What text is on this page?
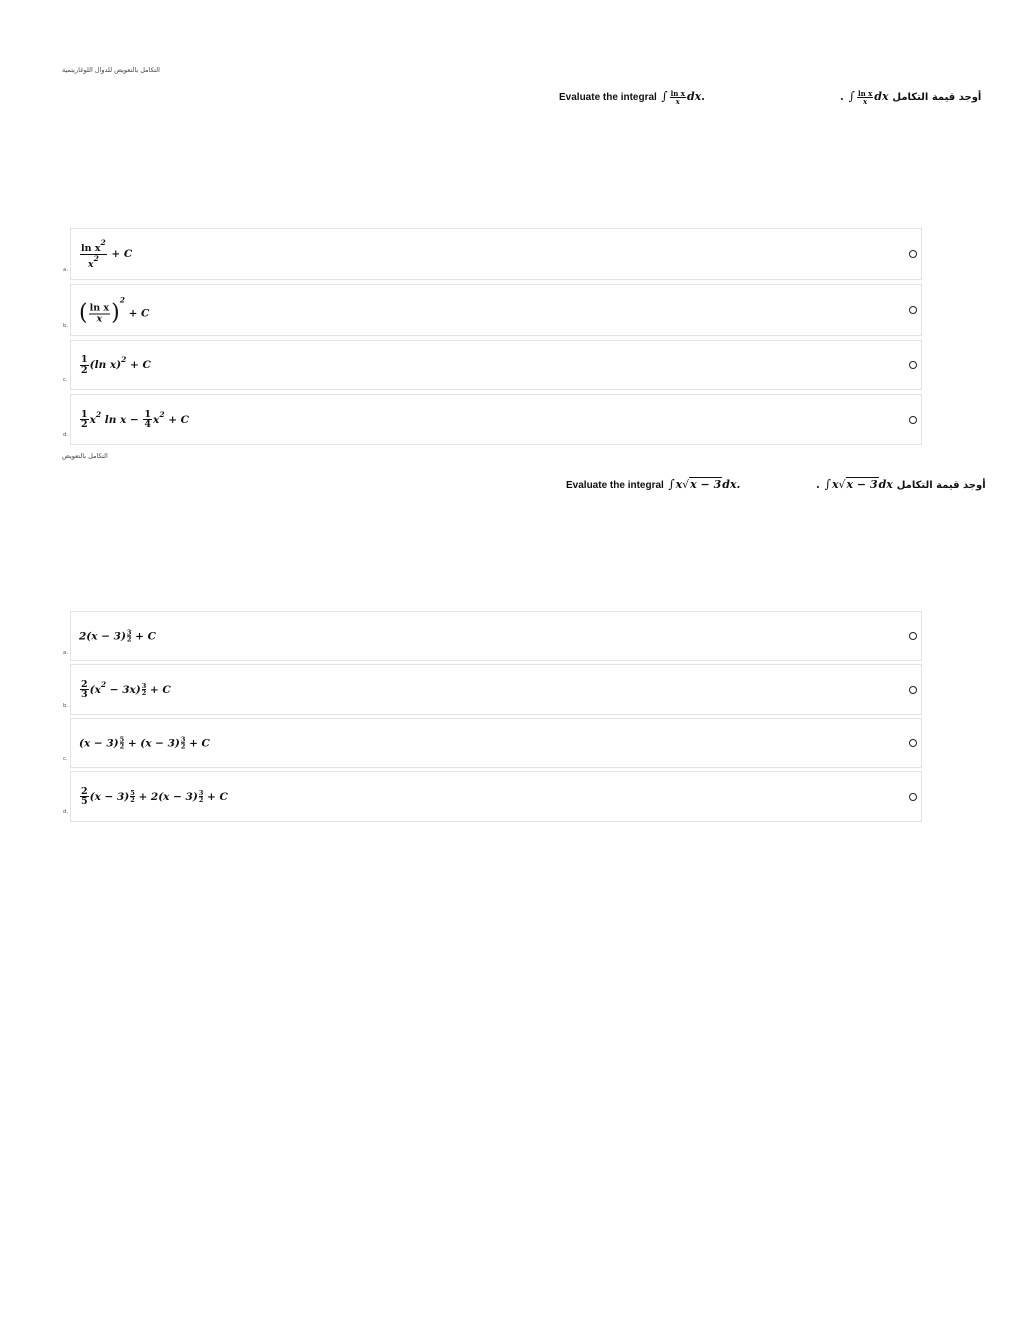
التكامل بالتعويض للدوال اللوغاريتمية
Evaluate the integral ∫ $\frac{\text{ln x}}{x}$ dx.	. ∫ $\frac{\text{ln x}}{x}$ dx أوجد قيمة التكامل
$\frac{\ln x^2}{x^2} + C$
a.
( $\frac{\text{ln x}}{x} )^2 + C$
b.
$\frac{1}{2} (\ln$ x)$^2$ + C
c.
$\frac{1}{2} x^2$ $\ln x - \frac{1}{4} x^2 + C$
d.
التكامل بالتعويض
Evaluate the integral ∫x√x − 3dx.	. ∫x√x − 3dx أوجد قيمة التكامل
$2(x - 3) \frac{3}{2} + C$
a.
$\frac{2}{3} (x^2 - 3x) \frac{3}{2} + C$
b.
$(x - 3) \frac{5}{2} + (x - 3) \frac{3}{2} + C$
c.
$\frac{2}{5} (x - 3) \frac{5}{2} + 2(x - 3) \frac{3}{2} + C$
d.
